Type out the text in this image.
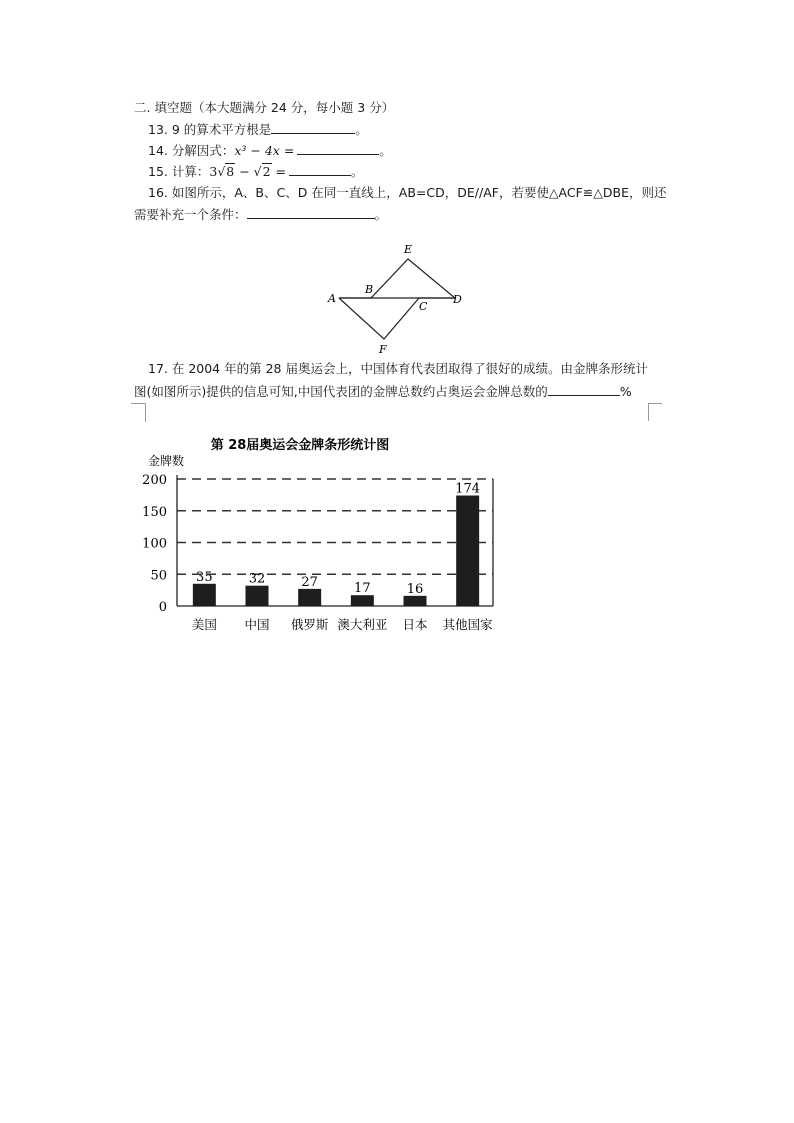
二. 填空题（本大题满分 24 分，每小题 3 分）
13. 9 的算术平方根是	。
14. 分解因式：x³ − 4x =	。
15. 计算：3√8 − √2 =	。
16. 如图所示，A、B、C、D 在同一直线上，AB=CD，DE//AF，若要使△ACF≌△DBE，则还
需要补充一个条件：	。
A
B
C
D
E
F
17. 在 2004 年的第 28 届奥运会上，中国体育代表团取得了很好的成绩。由金牌条形统计
图(如图所示)提供的信息可知,中国代表团的金牌总数约占奥运会金牌总数的	%
第 28届奥运会金牌条形统计图
金牌数
0
50
100
150
200
35
美国
32
中国
27
俄罗斯
17
澳大利亚
16
日本
174
其他国家
